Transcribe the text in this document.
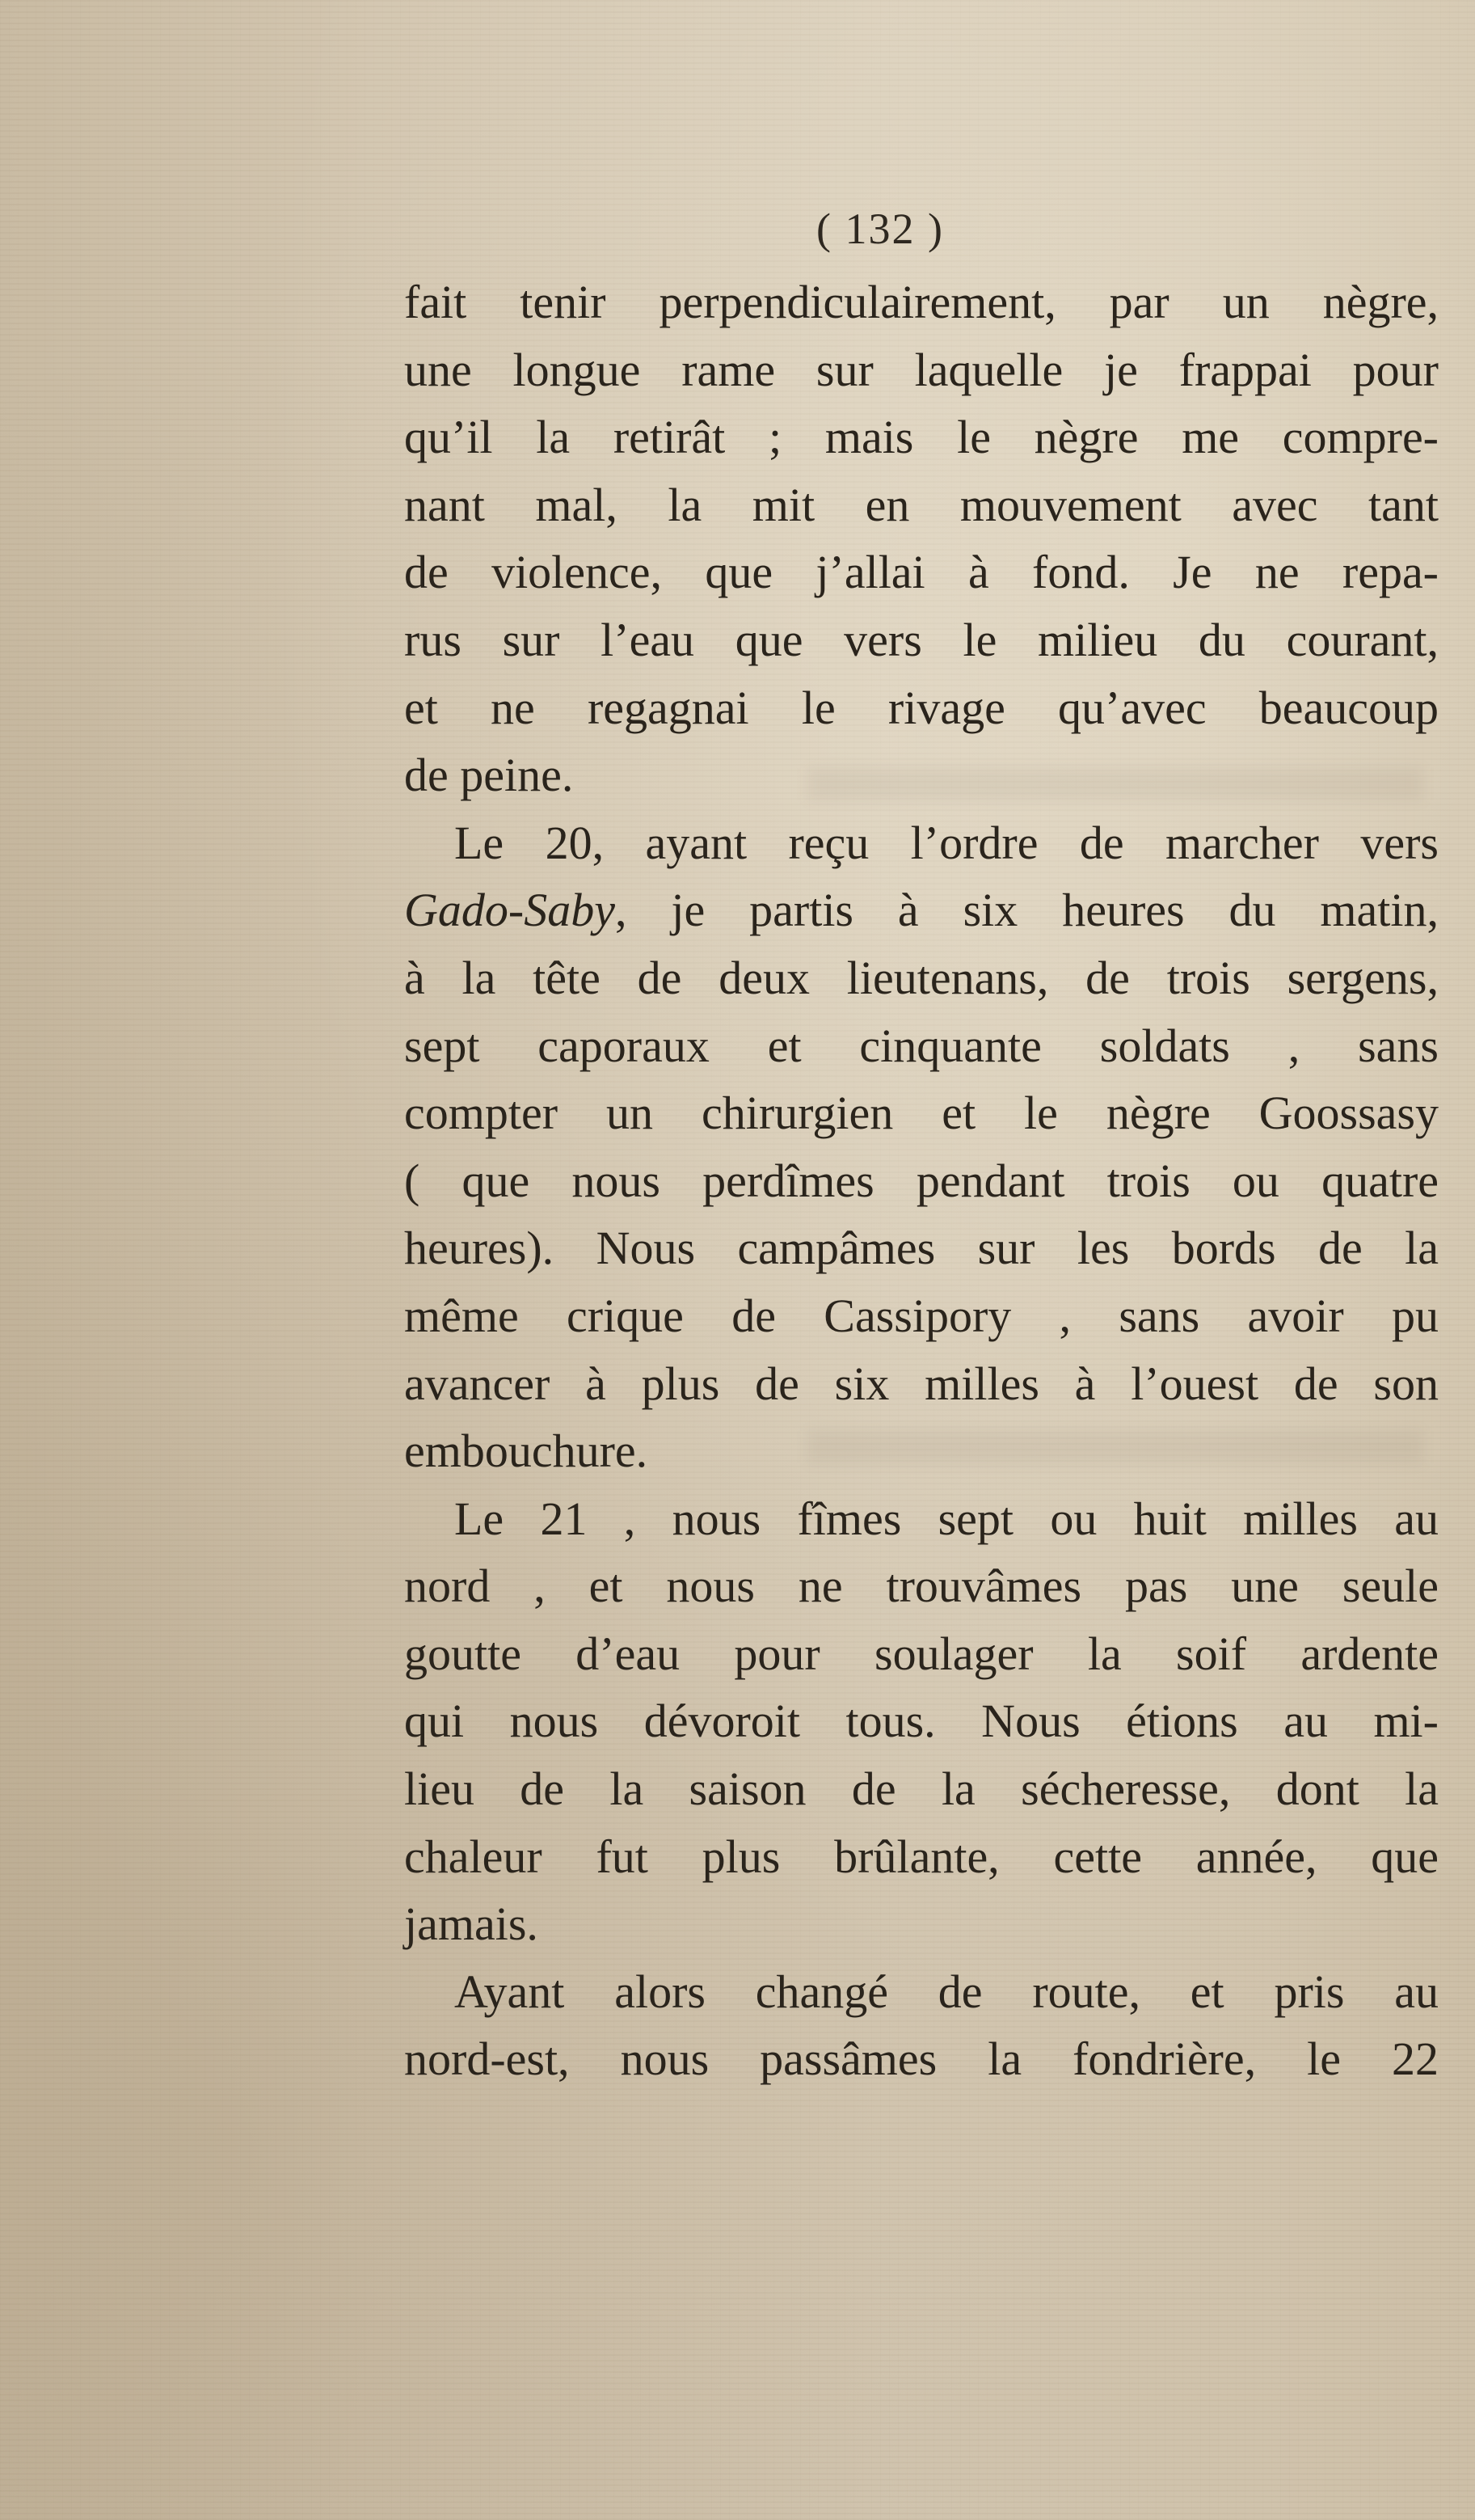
( 132 )
fait tenir perpendiculairement, par un nègre,
une longue rame sur laquelle je frappai pour
qu’il la retirât ; mais le nègre me compre-
nant mal, la mit en mouvement avec tant
de violence, que j’allai à fond. Je ne repa-
rus sur l’eau que vers le milieu du courant,
et ne regagnai le rivage qu’avec beaucoup
de peine.
Le 20, ayant reçu l’ordre de marcher vers
Gado-Saby, je partis à six heures du matin,
à la tête de deux lieutenans, de trois sergens,
sept caporaux et cinquante soldats , sans
compter un chirurgien et le nègre Goossasy
( que nous perdîmes pendant trois ou quatre
heures). Nous campâmes sur les bords de la
même crique de Cassipory , sans avoir pu
avancer à plus de six milles à l’ouest de son
embouchure.
Le 21 , nous fîmes sept ou huit milles au
nord , et nous ne trouvâmes pas une seule
goutte d’eau pour soulager la soif ardente
qui nous dévoroit tous. Nous étions au mi-
lieu de la saison de la sécheresse, dont la
chaleur fut plus brûlante, cette année, que
jamais.
Ayant alors changé de route, et pris au
nord-est, nous passâmes la fondrière, le 22
